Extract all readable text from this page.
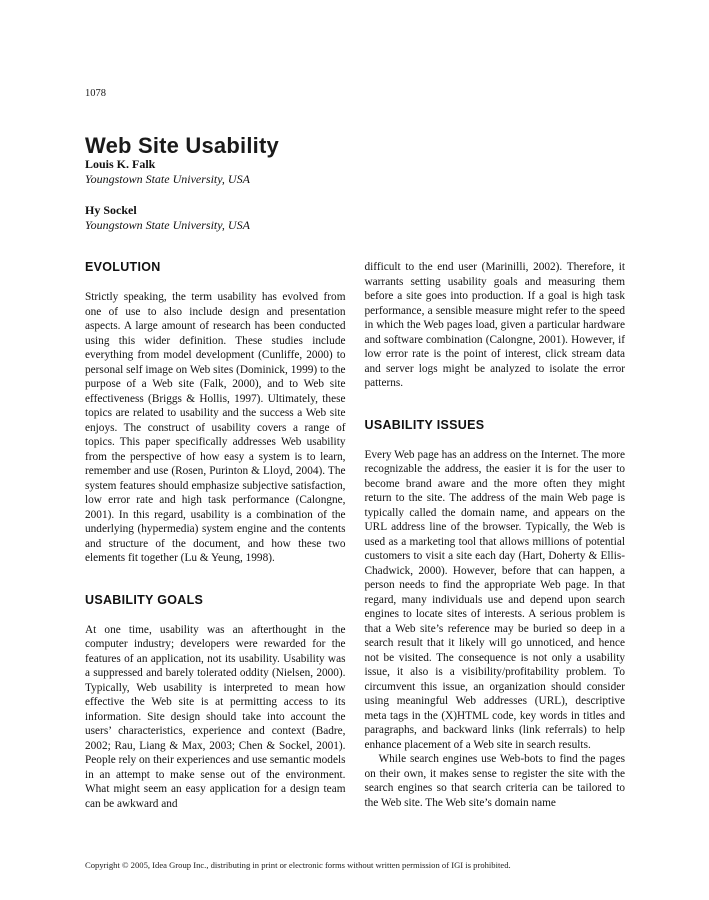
1078
Web Site Usability
Louis K. Falk
Youngstown State University, USA
Hy Sockel
Youngstown State University, USA
EVOLUTION

Strictly speaking, the term usability has evolved from one of use to also include design and presentation aspects. A large amount of research has been conducted using this wider definition. These studies include everything from model development (Cunliffe, 2000) to personal self image on Web sites (Dominick, 1999) to the purpose of a Web site (Falk, 2000), and to Web site effectiveness (Briggs & Hollis, 1997). Ultimately, these topics are related to usability and the success a Web site enjoys. The construct of usability covers a range of topics. This paper specifically addresses Web usability from the perspective of how easy a system is to learn, remember and use (Rosen, Purinton & Lloyd, 2004). The system features should emphasize subjective satisfaction, low error rate and high task performance (Calongne, 2001). In this regard, usability is a combination of the underlying (hypermedia) system engine and the contents and structure of the document, and how these two elements fit together (Lu & Yeung, 1998).

USABILITY GOALS

At one time, usability was an afterthought in the computer industry; developers were rewarded for the features of an application, not its usability. Usability was a suppressed and barely tolerated oddity (Nielsen, 2000). Typically, Web usability is interpreted to mean how effective the Web site is at permitting access to its information. Site design should take into account the users’ characteristics, experience and context (Badre, 2002; Rau, Liang & Max, 2003; Chen & Sockel, 2001). People rely on their experiences and use semantic models in an attempt to make sense out of the environment. What might seem an easy application for a design team can be awkward and

difficult to the end user (Marinilli, 2002). Therefore, it warrants setting usability goals and measuring them before a site goes into production. If a goal is high task performance, a sensible measure might refer to the speed in which the Web pages load, given a particular hardware and software combination (Calongne, 2001). However, if low error rate is the point of interest, click stream data and server logs might be analyzed to isolate the error patterns.

USABILITY ISSUES

Every Web page has an address on the Internet. The more recognizable the address, the easier it is for the user to become brand aware and the more often they might return to the site. The address of the main Web page is typically called the domain name, and appears on the URL address line of the browser. Typically, the Web is used as a marketing tool that allows millions of potential customers to visit a site each day (Hart, Doherty & Ellis-Chadwick, 2000). However, before that can happen, a person needs to find the appropriate Web page. In that regard, many individuals use and depend upon search engines to locate sites of interests. A serious problem is that a Web site’s reference may be buried so deep in a search result that it likely will go unnoticed, and hence not be visited. The consequence is not only a usability issue, it also is a visibility/profitability problem. To circumvent this issue, an organization should consider using meaningful Web addresses (URL), descriptive meta tags in the (X)HTML code, key words in titles and paragraphs, and backward links (link referrals) to help enhance placement of a Web site in search results.

While search engines use Web-bots to find the pages on their own, it makes sense to register the site with the search engines so that search criteria can be tailored to the Web site. The Web site’s domain name

Copyright © 2005, Idea Group Inc., distributing in print or electronic forms without written permission of IGI is prohibited.
